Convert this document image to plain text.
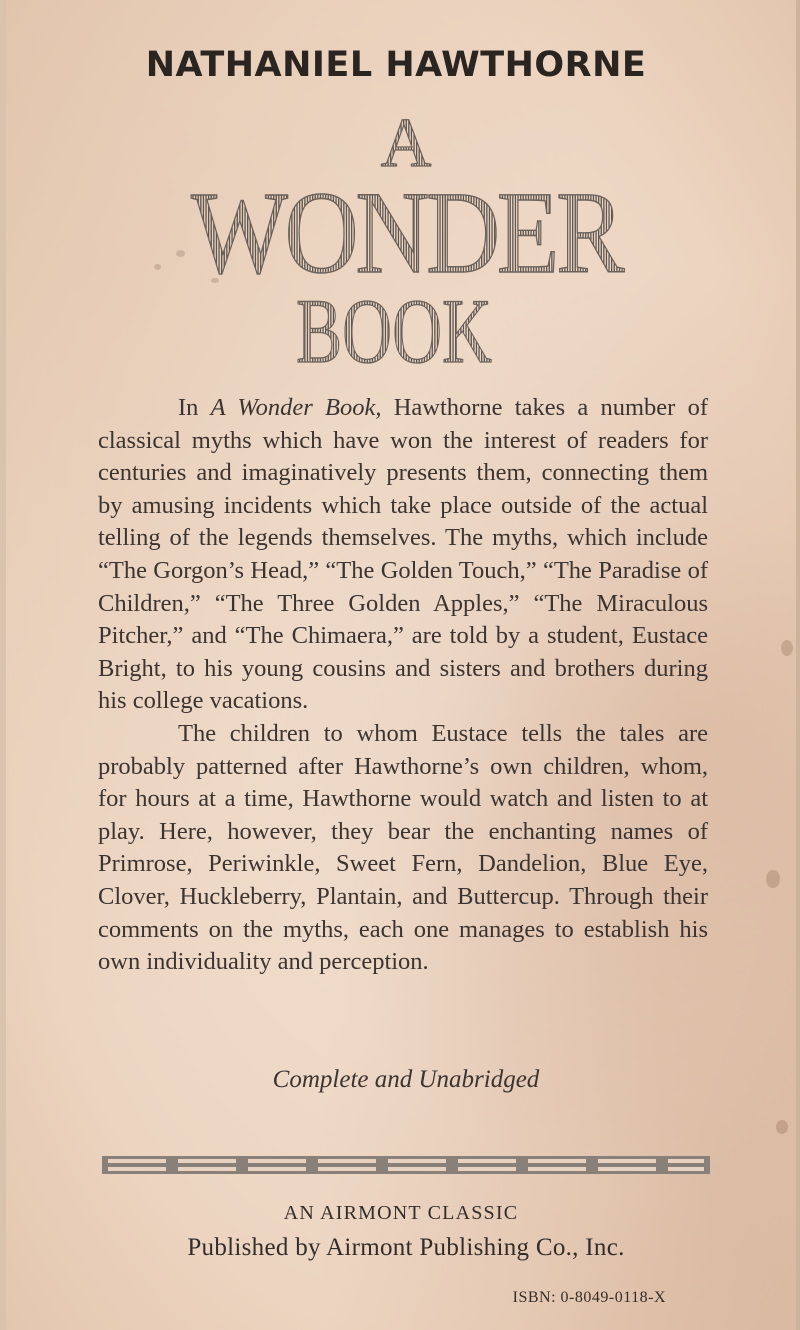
NATHANIEL HAWTHORNE
A
WONDER
BOOK

In A Wonder Book, Hawthorne takes a number of classical myths which have won the interest of readers for centuries and imaginatively presents them, connecting them by amusing incidents which take place outside of the actual telling of the legends themselves. The myths, which include “The Gorgon’s Head,” “The Golden Touch,” “The Paradise of Children,” “The Three Golden Apples,” “The Miraculous Pitcher,” and “The Chimaera,” are told by a student, Eustace Bright, to his young cousins and sisters and brothers during his college vacations.

The children to whom Eustace tells the tales are probably patterned after Hawthorne’s own children, whom, for hours at a time, Hawthorne would watch and listen to at play. Here, however, they bear the enchanting names of Primrose, Periwinkle, Sweet Fern, Dandelion, Blue Eye, Clover, Huckleberry, Plantain, and Buttercup. Through their comments on the myths, each one manages to establish his own individuality and perception.

Complete and Unabridged
AN AIRMONT CLASSIC
Published by Airmont Publishing Co., Inc.
ISBN: 0-8049-0118-X
